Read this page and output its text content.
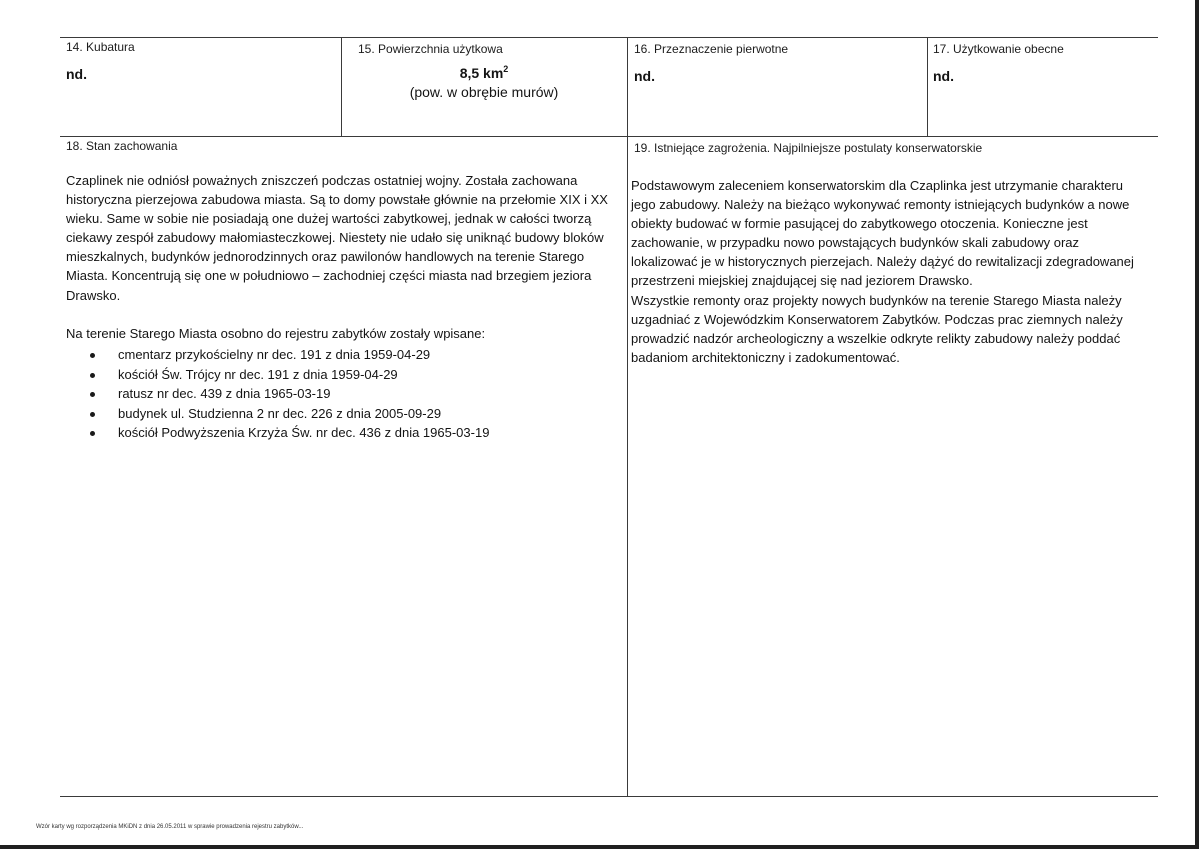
14. Kubatura
nd.
15. Powierzchnia użytkowa
8,5 $km^2$
(pow. w obrębie murów)
16. Przeznaczenie pierwotne
nd.
17. Użytkowanie obecne
nd.
18. Stan zachowania

Czaplinek nie odniósł poważnych zniszczeń podczas ostatniej wojny. Została zachowana historyczna pierzejowa zabudowa miasta. Są to domy powstałe głównie na przełomie XIX i XX wieku. Same w sobie nie posiadają one dużej wartości zabytkowej, jednak w całości tworzą ciekawy zespół zabudowy małomiasteczkowej. Niestety nie udało się uniknąć budowy bloków mieszkalnych, budynków jednorodzinnych oraz pawilonów handlowych na terenie Starego Miasta. Koncentrują się one w południowo – zachodniej części miasta nad brzegiem jeziora Drawsko.

Na terenie Starego Miasta osobno do rejestru zabytków zostały wpisane:
cmentarz przykościelny nr dec. 191 z dnia 1959-04-29
kościół Św. Trójcy nr dec. 191 z dnia 1959-04-29
ratusz nr dec. 439 z dnia 1965-03-19
budynek ul. Studzienna 2 nr dec. 226 z dnia 2005-09-29
kościół Podwyższenia Krzyża Św. nr dec. 436 z dnia 1965-03-19
19. Istniejące zagrożenia. Najpilniejsze postulaty konserwatorskie

Podstawowym zaleceniem konserwatorskim dla Czaplinka jest utrzymanie charakteru jego zabudowy. Należy na bieżąco wykonywać remonty istniejących budynków a nowe obiekty budować w formie pasującej do zabytkowego otoczenia. Konieczne jest zachowanie, w przypadku nowo powstających budynków skali zabudowy oraz lokalizować je w historycznych pierzejach. Należy dążyć do rewitalizacji zdegradowanej przestrzeni miejskiej znajdującej się nad jeziorem Drawsko.

Wszystkie remonty oraz projekty nowych budynków na terenie Starego Miasta należy uzgadniać z Wojewódzkim Konserwatorem Zabytków. Podczas prac ziemnych należy prowadzić nadzór archeologiczny a wszelkie odkryte relikty zabudowy należy poddać badaniom architektoniczny i zadokumentować.

Wzór karty wg rozporządzenia MKiDN z dnia 26.05.2011 w sprawie prowadzenia rejestru zabytków...
